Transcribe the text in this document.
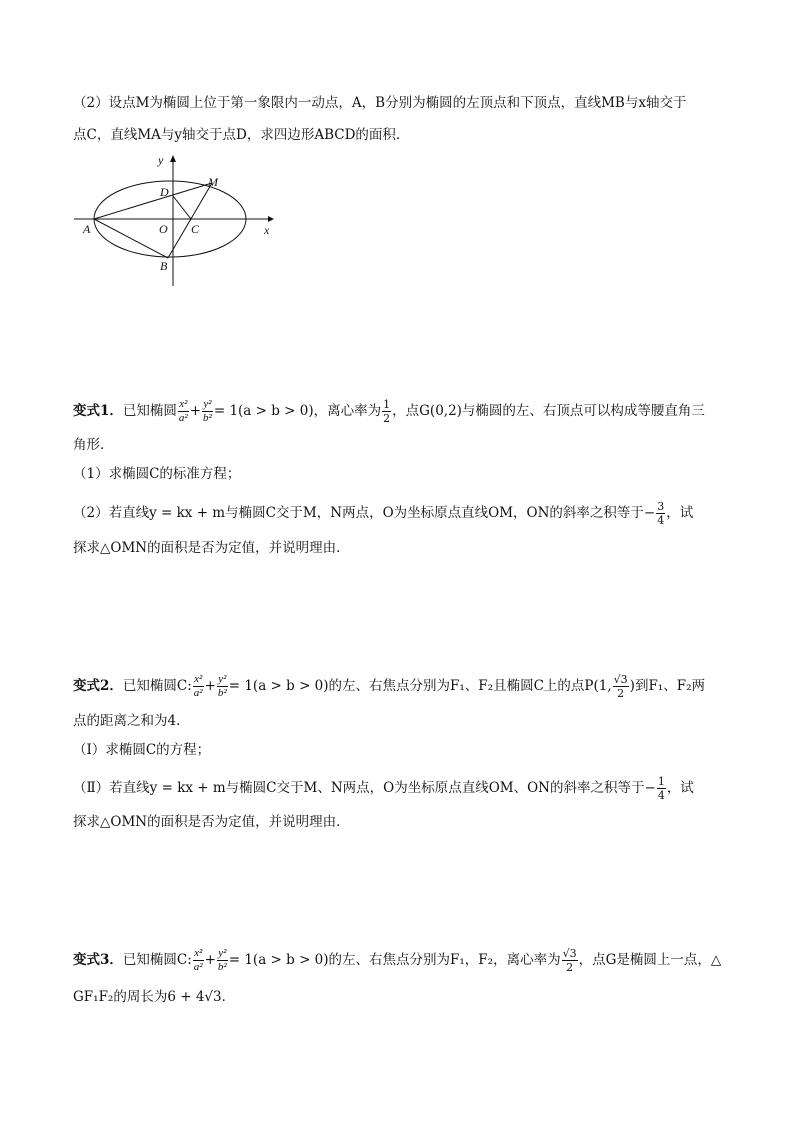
（2）设点M为椭圆上位于第一象限内一动点，A，B分别为椭圆的左顶点和下顶点，直线MB与x轴交于
点C，直线MA与y轴交于点D，求四边形ABCD的面积．
y
x
M
D
A	O C
B
变式1．已知椭圆 $\frac{\text{x²}}{\text{a²}} + \frac{\text{y²}}{\text{b²}} = 1(a > b > 0)$，离心率为 $\frac{1}{2}$ ，点G(0,2)与椭圆的左、右顶点可以构成等腰直角三
角形．
（1）求椭圆C的标准方程；
（2）若直线y = kx + m与椭圆C交于M，N两点，O为坐标原点直线OM，ON的斜率之积等于− $\frac{3}{4}$ ，试
探求△OMN的面积是否为定值，并说明理由．
变式2．已知椭圆C: $\frac{\text{x²}}{\text{a²}} + \frac{\text{y²}}{\text{b²}} = 1(a > b > 0)$的左、右焦点分别为F₁、F₂且椭圆C上的点P(1, $\frac{√3}{2}$ )到F₁、F₂两
点的距离之和为4．
（Ⅰ）求椭圆C的方程；
（Ⅱ）若直线y = kx + m与椭圆C交于M、N两点，O为坐标原点直线OM、ON的斜率之积等于− $\frac{1}{4}$ ，试
探求△OMN的面积是否为定值，并说明理由．
变式3．已知椭圆C: $\frac{\text{x²}}{\text{a²}} + \frac{\text{y²}}{\text{b²}} = 1(a > b > 0)$的左、右焦点分别为F₁，F₂，离心率为 $\frac{√3}{2}$ ，点G是椭圆上一点，△
GF₁F₂的周长为6 + 4√3．
